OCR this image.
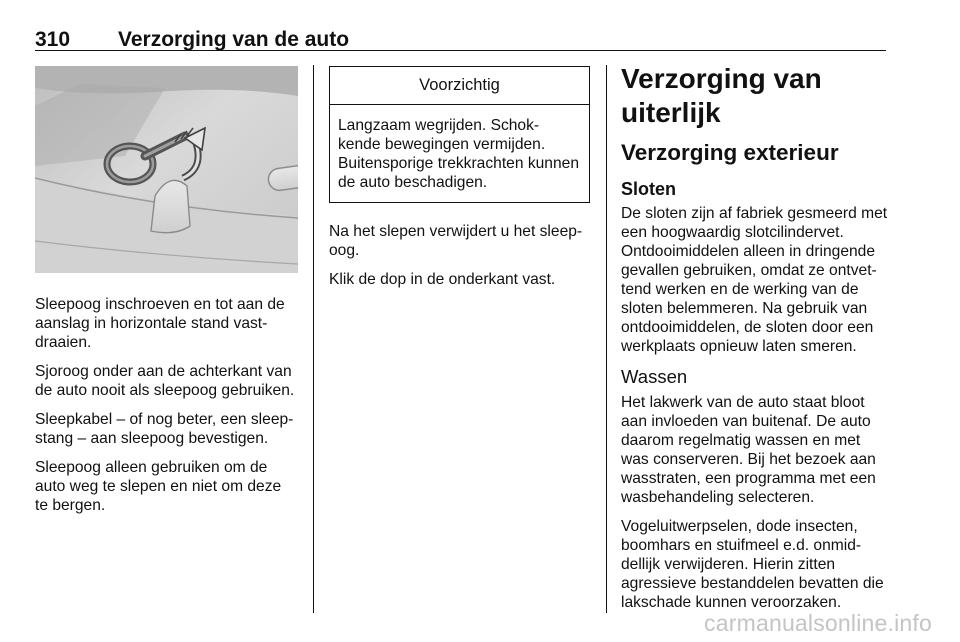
310 Verzorging van de auto

Sleepoog inschroeven en tot aan de aanslag in horizontale stand vast-draaien.

Sjoroog onder aan de achterkant van de auto nooit als sleepoog gebruiken.

Sleepkabel – of nog beter, een sleep-stang – aan sleepoog bevestigen.

Sleepoog alleen gebruiken om de auto weg te slepen en niet om deze te bergen.

Voorzichtig
Langzaam wegrijden. Schok-kende bewegingen vermijden. Buitensporige trekkrachten kunnen de auto beschadigen.

Na het slepen verwijdert u het sleep-oog.

Klik de dop in de onderkant vast.

Verzorging van uiterlijk
Verzorging exterieur
Sloten

De sloten zijn af fabriek gesmeerd met een hoogwaardig slotcilindervet. Ontdooimiddelen alleen in dringende gevallen gebruiken, omdat ze ontvet-tend werken en de werking van de sloten belemmeren. Na gebruik van ontdooimiddelen, de sloten door een werkplaats opnieuw laten smeren.

Wassen

Het lakwerk van de auto staat bloot aan invloeden van buitenaf. De auto daarom regelmatig wassen en met was conserveren. Bij het bezoek aan wasstraten, een programma met een wasbehandeling selecteren.

Vogeluitwerpselen, dode insecten, boomhars en stuifmeel e.d. onmid-dellijk verwijderen. Hierin zitten agressieve bestanddelen bevatten die lakschade kunnen veroorzaken.

carmanualsonline.info
